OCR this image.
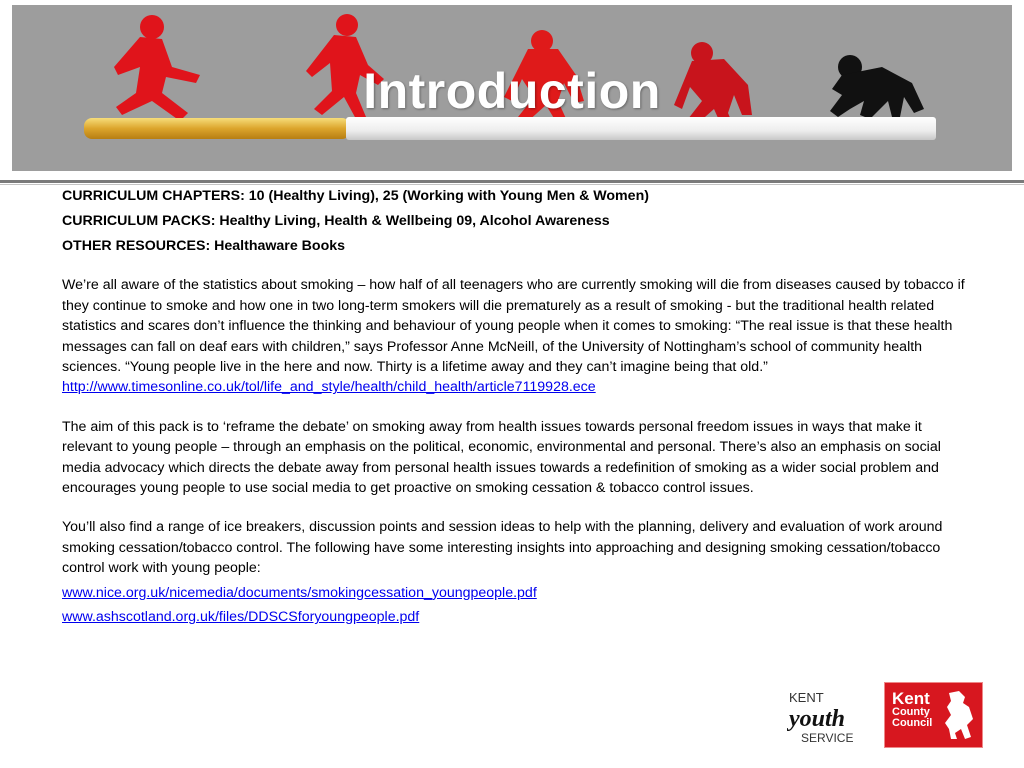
Introduction

CURRICULUM CHAPTERS: 10 (Healthy Living), 25 (Working with Young Men & Women)

CURRICULUM PACKS: Healthy Living, Health & Wellbeing 09, Alcohol Awareness

OTHER RESOURCES: Healthaware Books

We’re all aware of the statistics about smoking – how half of all teenagers who are currently smoking will die from diseases caused by tobacco if they continue to smoke and how one in two long-term smokers will die prematurely as a result of smoking - but the traditional health related statistics and scares don’t influence the thinking and behaviour of young people when it comes to smoking: “The real issue is that these health messages can fall on deaf ears with children,” says Professor Anne McNeill, of the University of Nottingham’s school of community health sciences. “Young people live in the here and now. Thirty is a lifetime away and they can’t imagine being that old.” http://www.timesonline.co.uk/tol/life_and_style/health/child_health/article7119928.ece

The aim of this pack is to ‘reframe the debate’ on smoking away from health issues towards personal freedom issues in ways that make it relevant to young people – through an emphasis on the political, economic, environmental and personal. There’s also an emphasis on social media advocacy which directs the debate away from personal health issues towards a redefinition of smoking as a wider social problem and encourages young people to use social media to get proactive on smoking cessation & tobacco control issues.

You’ll also find a range of ice breakers, discussion points and session ideas to help with the planning, delivery and evaluation of work around smoking cessation/tobacco control. The following have some interesting insights into approaching and designing smoking cessation/tobacco control work with young people:

www.nice.org.uk/nicemedia/documents/smokingcessation_youngpeople.pdf
www.ashscotland.org.uk/files/DDSCSforyoungpeople.pdf
KENT
youth
SERVICE
Kent
County
Council
